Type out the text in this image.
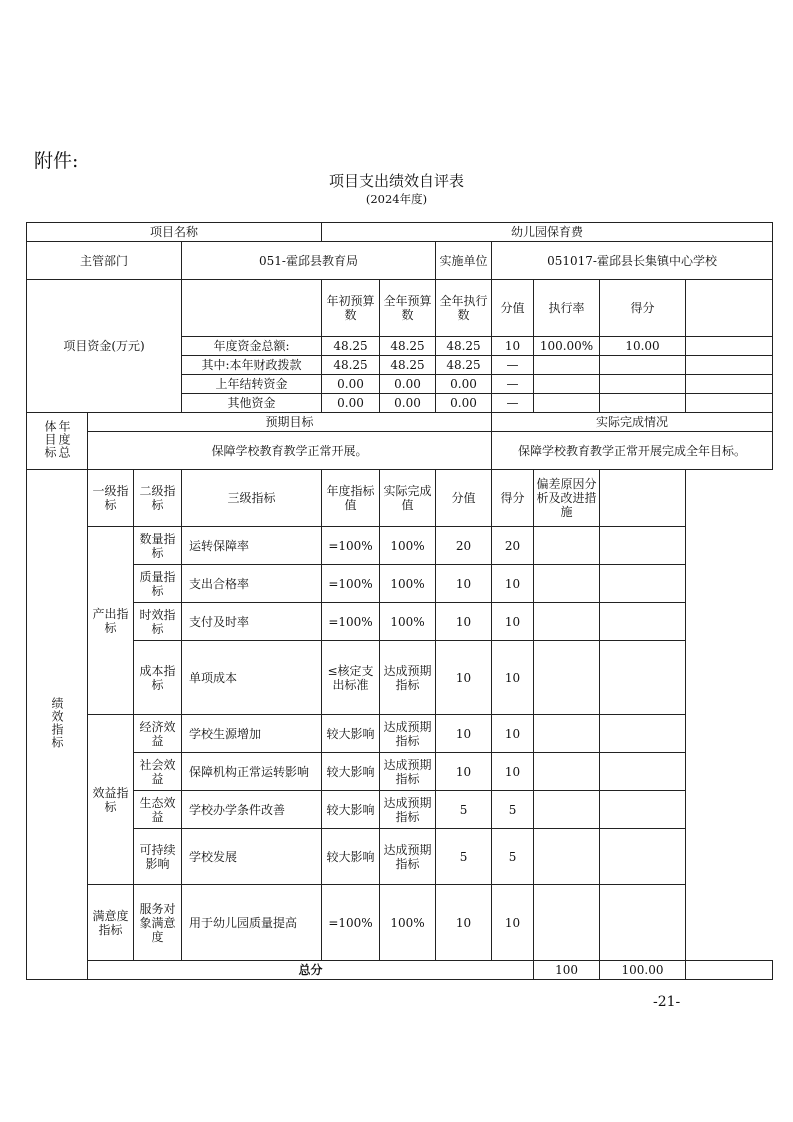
附件:
项目支出绩效自评表
(2024年度)
项目名称				幼儿园保育费							
主管部门			051-霍邱县教育局			实施单位	051017-霍邱县长集镇中心学校				
项目资金(万元)				年初预算数	全年预算数	全年执行数	分值	执行率	得分		
			年度资金总额:	48.25	48.25	48.25	10	100.00%	10.00		
			其中:本年财政拨款	48.25	48.25	48.25	—				
			上年结转资金	0.00	0.00	0.00	—				
			其他资金	0.00	0.00	0.00	—				
年度总体目标	预期目标						实际完成情况				
	保障学校教育教学正常开展。						保障学校教育教学正常开展完成全年目标。				
绩效指标	一级指标	二级指标	三级指标	年度指标值	实际完成值	分值	得分	偏差原因分析及改进措施			
	产出指标	数量指标	运转保障率	=100%	100%	20	20				
		质量指标	支出合格率	=100%	100%	10	10				
		时效指标	支付及时率	=100%	100%	10	10				
		成本指标	单项成本	≤核定支出标准	达成预期指标	10	10				
	效益指标	经济效益	学校生源增加	较大影响	达成预期指标	10	10				
		社会效益	保障机构正常运转影响	较大影响	达成预期指标	10	10				
		生态效益	学校办学条件改善	较大影响	达成预期指标	5	5				
		可持续影响	学校发展	较大影响	达成预期指标	5	5				
	满意度指标	服务对象满意度	用于幼儿园质量提高	=100%	100%	10	10				
	总分							100	100.00		
-21-
